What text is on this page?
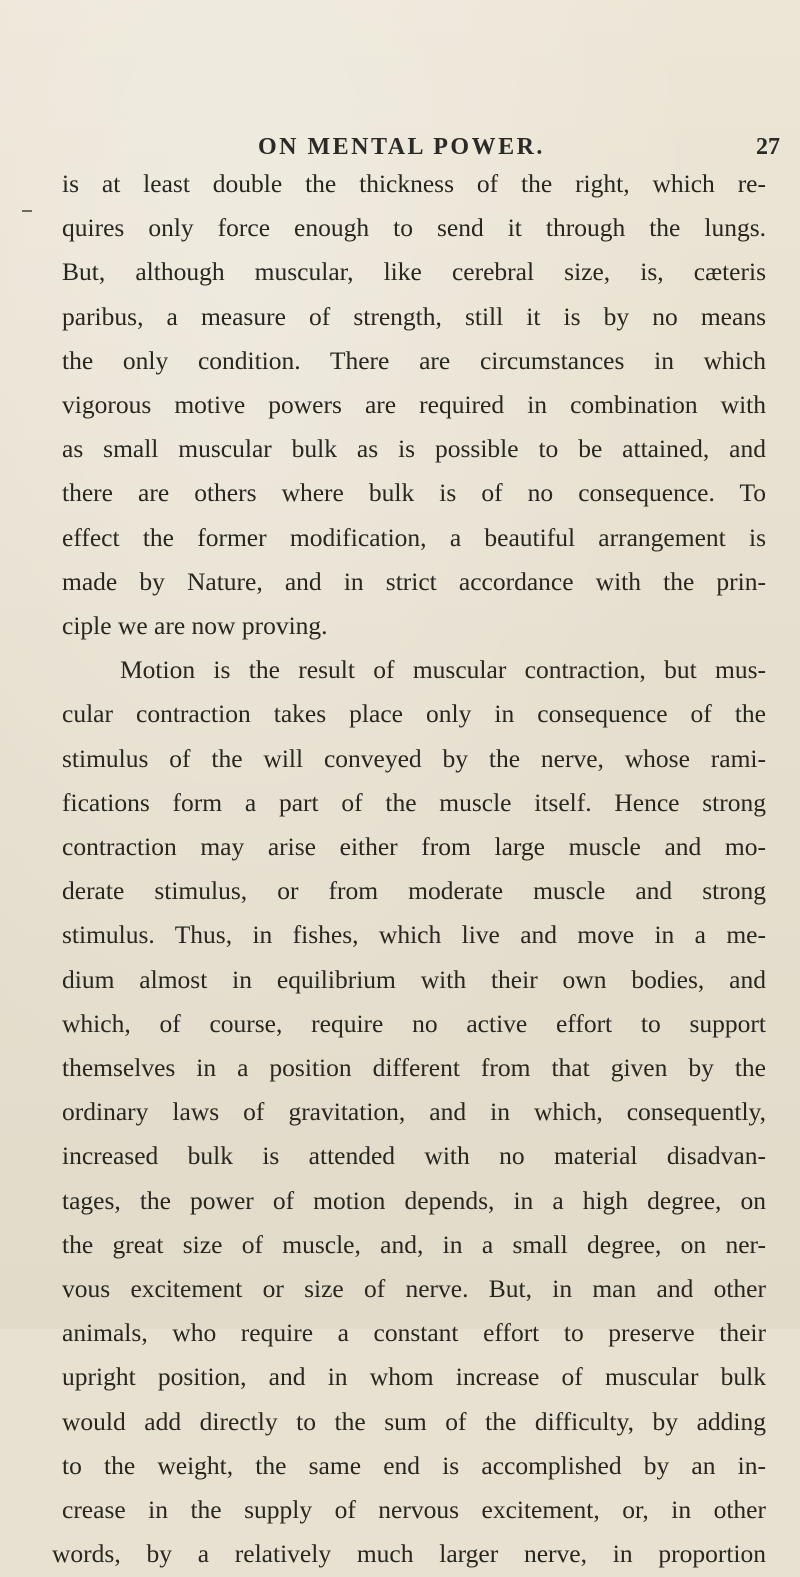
ON MENTAL POWER.	27
is at least double the thickness of the right, which re-
quires only force enough to send it through the lungs.
But, although muscular, like cerebral size, is, cæteris
paribus, a measure of strength, still it is by no means
the only condition. There are circumstances in which
vigorous motive powers are required in combination with
as small muscular bulk as is possible to be attained, and
there are others where bulk is of no consequence. To
effect the former modification, a beautiful arrangement is
made by Nature, and in strict accordance with the prin-
ciple we are now proving.
Motion is the result of muscular contraction, but mus-
cular contraction takes place only in consequence of the
stimulus of the will conveyed by the nerve, whose rami-
fications form a part of the muscle itself. Hence strong
contraction may arise either from large muscle and mo-
derate stimulus, or from moderate muscle and strong
stimulus. Thus, in fishes, which live and move in a me-
dium almost in equilibrium with their own bodies, and
which, of course, require no active effort to support
themselves in a position different from that given by the
ordinary laws of gravitation, and in which, consequently,
increased bulk is attended with no material disadvan-
tages, the power of motion depends, in a high degree, on
the great size of muscle, and, in a small degree, on ner-
vous excitement or size of nerve. But, in man and other
animals, who require a constant effort to preserve their
upright position, and in whom increase of muscular bulk
would add directly to the sum of the difficulty, by adding
to the weight, the same end is accomplished by an in-
crease in the supply of nervous excitement, or, in other
words, by a relatively much larger nerve, in proportion
